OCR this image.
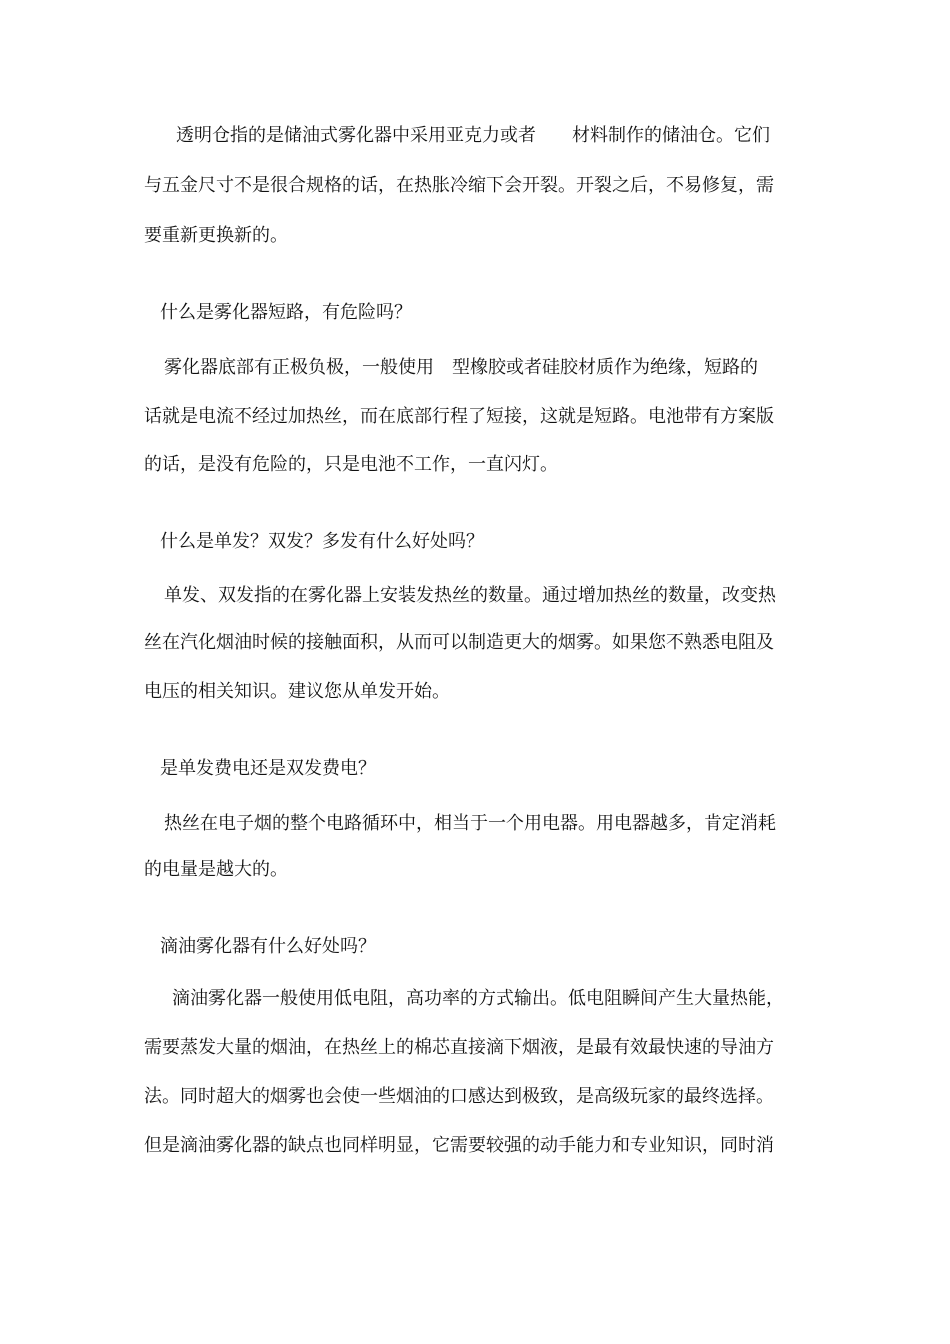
透明仓指的是储油式雾化器中采用亚克力或者　　材料制作的储油仓。它们
与五金尺寸不是很合规格的话，在热胀冷缩下会开裂。开裂之后，不易修复，需
要重新更换新的。
什么是雾化器短路，有危险吗？
雾化器底部有正极负极，一般使用　型橡胶或者硅胶材质作为绝缘，短路的
话就是电流不经过加热丝，而在底部行程了短接，这就是短路。电池带有方案版
的话，是没有危险的，只是电池不工作，一直闪灯。
什么是单发？双发？多发有什么好处吗？
单发、双发指的在雾化器上安装发热丝的数量。通过增加热丝的数量，改变热
丝在汽化烟油时候的接触面积，从而可以制造更大的烟雾。如果您不熟悉电阻及
电压的相关知识。建议您从单发开始。
是单发费电还是双发费电？
热丝在电子烟的整个电路循环中，相当于一个用电器。用电器越多，肯定消耗
的电量是越大的。
滴油雾化器有什么好处吗？
滴油雾化器一般使用低电阻，高功率的方式输出。低电阻瞬间产生大量热能，
需要蒸发大量的烟油，在热丝上的棉芯直接滴下烟液，是最有效最快速的导油方
法。同时超大的烟雾也会使一些烟油的口感达到极致，是高级玩家的最终选择。
但是滴油雾化器的缺点也同样明显，它需要较强的动手能力和专业知识，同时消
